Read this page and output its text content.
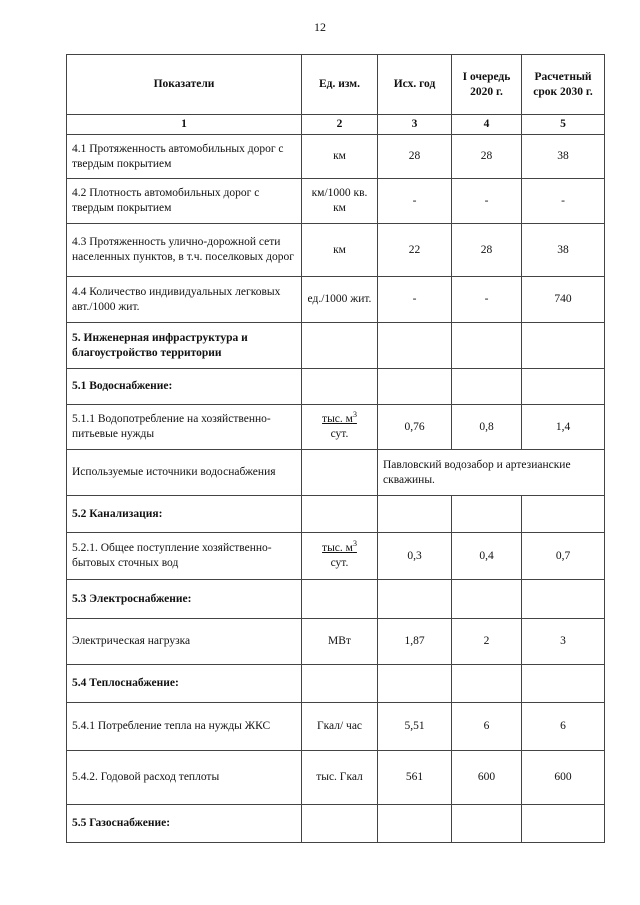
12
Показатели	Ед. изм.	Исх. год	I очередь 2020 г.	Расчетный срок 2030 г.
1	2	3	4	5
4.1 Протяженность автомобильных дорог с твердым покрытием	км	28	28	38
4.2 Плотность автомобильных дорог с твердым покрытием	км/1000 кв. км	-	-	-
4.3 Протяженность улично-дорожной сети населенных пунктов, в т.ч. поселковых дорог	км	22	28	38
4.4 Количество индивидуальных легковых авт./1000 жит.	ед./1000 жит.	-	-	740
5. Инженерная инфраструктура и благоустройство территории				
5.1 Водоснабжение:				
5.1.1 Водопотребление на хозяйственно-питьевые нужды	$\frac{тыс. м^3}{\text{сут.}}$	0,76	0,8	1,4
Используемые источники водоснабжения		Павловский водозабор и артезианские скважины.		
5.2 Канализация:				
5.2.1. Общее поступление хозяйственно-бытовых сточных вод	$\frac{тыс. м^3}{\text{сут.}}$	0,3	0,4	0,7
5.3 Электроснабжение:				
Электрическая нагрузка	МВт	1,87	2	3
5.4 Теплоснабжение:				
5.4.1 Потребление тепла на нужды ЖКС	Гкал/ час	5,51	6	6
5.4.2. Годовой расход теплоты	тыс. Гкал	561	600	600
5.5 Газоснабжение:				
